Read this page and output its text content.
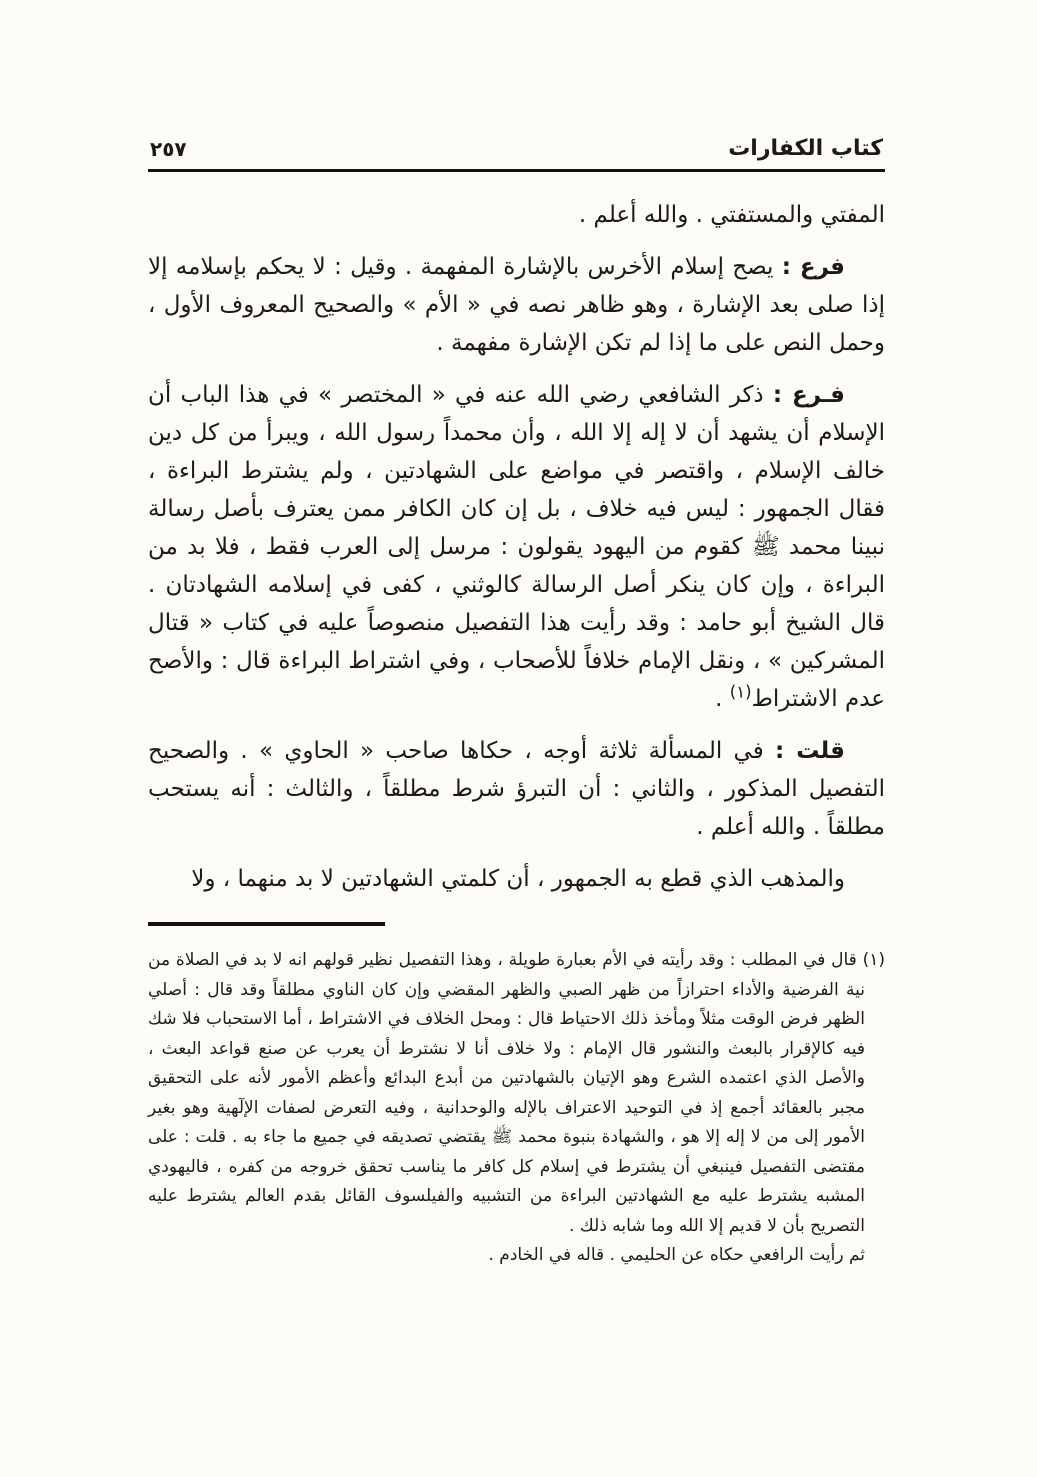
كتاب الكفارات
٢٥٧

المفتي والمستفتي . والله أعلم .

فرع : يصح إسلام الأخرس بالإشارة المفهمة . وقيل : لا يحكم بإسلامه إلا إذا صلى بعد الإشارة ، وهو ظاهر نصه في « الأم » والصحيح المعروف الأول ، وحمل النص على ما إذا لم تكن الإشارة مفهمة .

فـرع : ذكر الشافعي رضي الله عنه في « المختصر » في هذا الباب أن الإسلام أن يشهد أن لا إله إلا الله ، وأن محمداً رسول الله ، ويبرأ من كل دين خالف الإسلام ، واقتصر في مواضع على الشهادتين ، ولم يشترط البراءة ، فقال الجمهور : ليس فيه خلاف ، بل إن كان الكافر ممن يعترف بأصل رسالة نبينا محمد ﷺ كقوم من اليهود يقولون : مرسل إلى العرب فقط ، فلا بد من البراءة ، وإن كان ينكر أصل الرسالة كالوثني ، كفى في إسلامه الشهادتان . قال الشيخ أبو حامد : وقد رأيت هذا التفصيل منصوصاً عليه في كتاب « قتال المشركين » ، ونقل الإمام خلافاً للأصحاب ، وفي اشتراط البراءة قال : والأصح عدم الاشتراط$^{(١)}$ .

قلت : في المسألة ثلاثة أوجه ، حكاها صاحب « الحاوي » . والصحيح التفصيل المذكور ، والثاني : أن التبرؤ شرط مطلقاً ، والثالث : أنه يستحب مطلقاً . والله أعلم .

والمذهب الذي قطع به الجمهور ، أن كلمتي الشهادتين لا بد منهما ، ولا

(١) قال في المطلب : وقد رأيته في الأم بعبارة طويلة ، وهذا التفصيل نظير قولهم انه لا بد في الصلاة من نية الفرضية والأداء احترازاً من ظهر الصبي والظهر المقضي وإن كان الناوي مطلقاً وقد قال : أصلي الظهر فرض الوقت مثلاً ومأخذ ذلك الاحتياط قال : ومحل الخلاف في الاشتراط ، أما الاستحباب فلا شك فيه كالإقرار بالبعث والنشور قال الإمام : ولا خلاف أنا لا نشترط أن يعرب عن صنع قواعد البعث ، والأصل الذي اعتمده الشرع وهو الإتيان بالشهادتين من أبدع البدائع وأعظم الأمور لأنه على التحقيق مجبر بالعقائد أجمع إذ في التوحيد الاعتراف بالإله والوحدانية ، وفيه التعرض لصفات الإلٓهية وهو بغير الأمور إلى من لا إله إلا هو ، والشهادة بنبوة محمد ﷺ يقتضي تصديقه في جميع ما جاء به . قلت : على مقتضى التفصيل فينبغي أن يشترط في إسلام كل كافر ما يناسب تحقق خروجه من كفره ، فاليهودي المشبه يشترط عليه مع الشهادتين البراءة من التشبيه والفيلسوف القائل بقدم العالم يشترط عليه التصريح بأن لا قديم إلا الله وما شابه ذلك .

ثم رأيت الرافعي حكاه عن الحليمي . قاله في الخادم .
